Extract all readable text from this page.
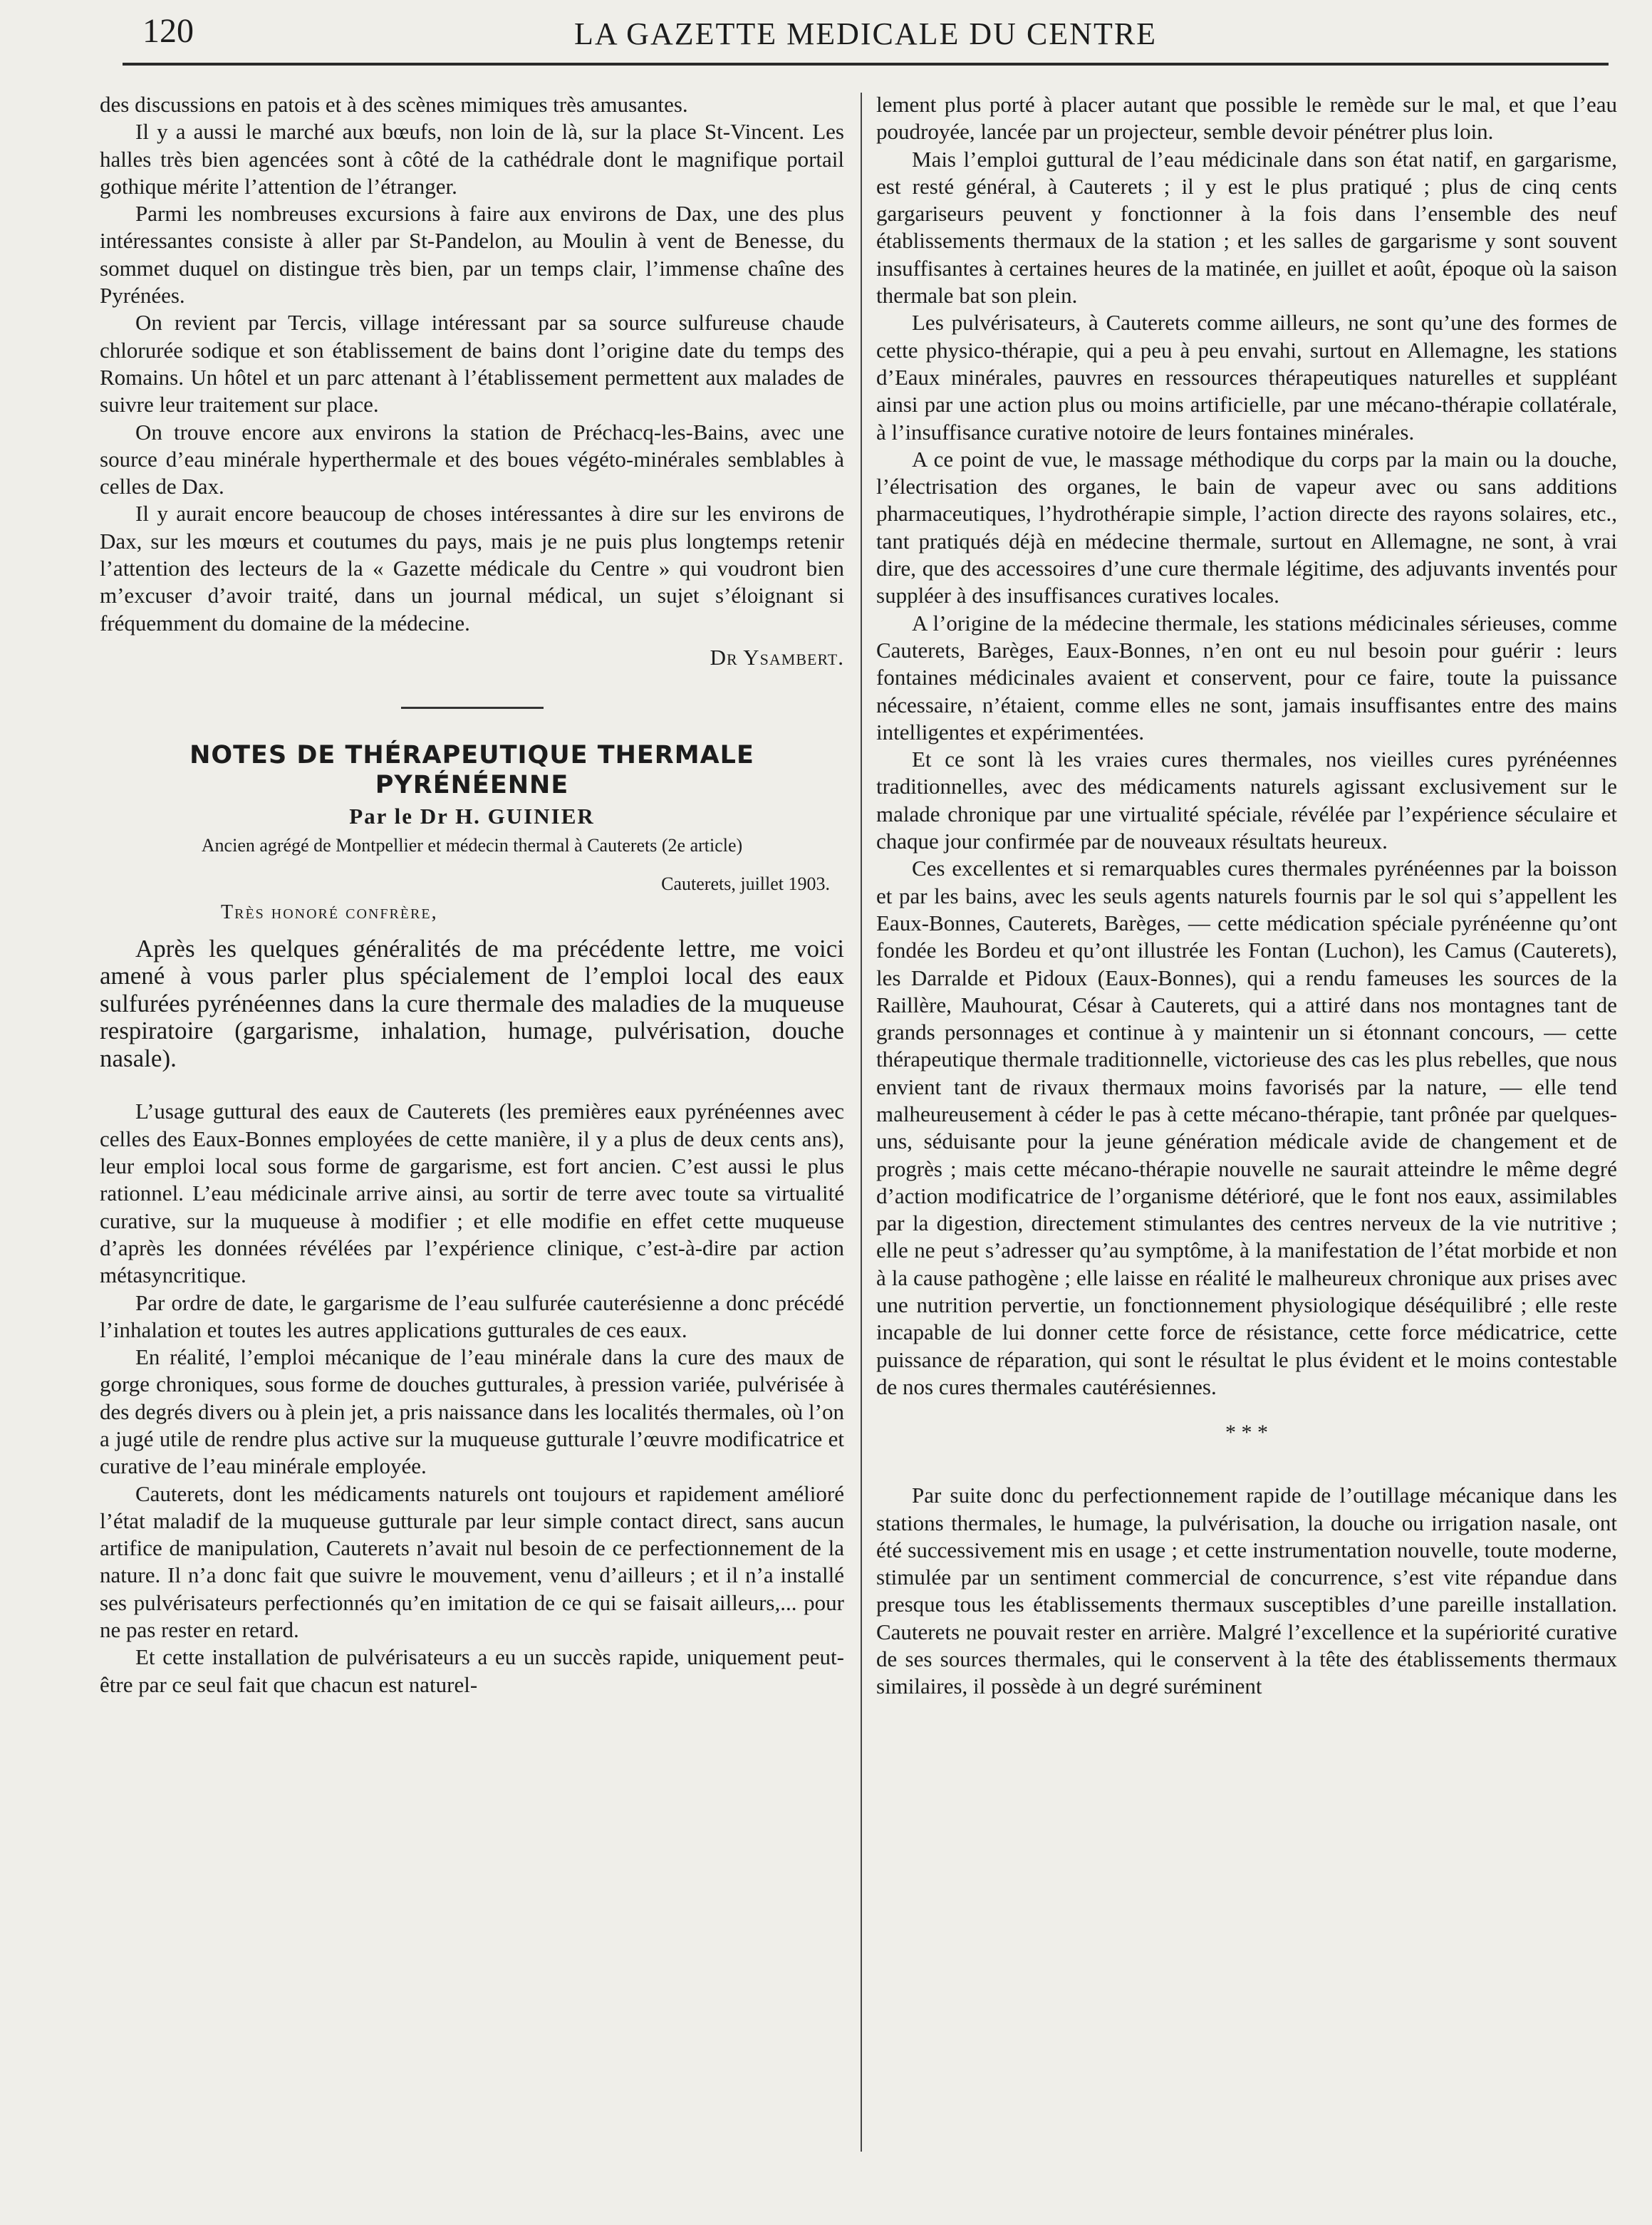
120	LA GAZETTE MEDICALE DU CENTRE

des discussions en patois et à des scènes mimiques très amusantes.

Il y a aussi le marché aux bœufs, non loin de là, sur la place St-Vincent. Les halles très bien agencées sont à côté de la cathédrale dont le magnifique portail gothique mérite l’attention de l’étranger.

Parmi les nombreuses excursions à faire aux environs de Dax, une des plus intéressantes consiste à aller par St-Pandelon, au Moulin à vent de Benesse, du sommet duquel on distingue très bien, par un temps clair, l’immense chaîne des Pyrénées.

On revient par Tercis, village intéressant par sa source sulfureuse chaude chlorurée sodique et son établissement de bains dont l’origine date du temps des Romains. Un hôtel et un parc attenant à l’établissement permettent aux malades de suivre leur traitement sur place.

On trouve encore aux environs la station de Préchacq-les-Bains, avec une source d’eau minérale hyperthermale et des boues végéto-minérales semblables à celles de Dax.

Il y aurait encore beaucoup de choses intéressantes à dire sur les environs de Dax, sur les mœurs et coutumes du pays, mais je ne puis plus longtemps retenir l’attention des lecteurs de la « Gazette médicale du Centre » qui voudront bien m’excuser d’avoir traité, dans un journal médical, un sujet s’éloignant si fréquemment du domaine de la médecine.

Dr Ysambert.

NOTES DE THÉRAPEUTIQUE THERMALE
PYRÉNÉENNE
Par le Dr H. GUINIER
Ancien agrégé de Montpellier et médecin thermal à Cauterets (2e article)
Cauterets, juillet 1903.
Très honoré confrère,

Après les quelques généralités de ma précédente lettre, me voici amené à vous parler plus spécialement de l’emploi local des eaux sulfurées pyrénéennes dans la cure thermale des maladies de la muqueuse respiratoire (gargarisme, inhalation, humage, pulvérisation, douche nasale).

L’usage guttural des eaux de Cauterets (les premières eaux pyrénéennes avec celles des Eaux-Bonnes employées de cette manière, il y a plus de deux cents ans), leur emploi local sous forme de gargarisme, est fort ancien. C’est aussi le plus rationnel. L’eau médicinale arrive ainsi, au sortir de terre avec toute sa virtualité curative, sur la muqueuse à modifier ; et elle modifie en effet cette muqueuse d’après les données révélées par l’expérience clinique, c’est-à-dire par action métasyncritique.

Par ordre de date, le gargarisme de l’eau sulfurée cauterésienne a donc précédé l’inhalation et toutes les autres applications gutturales de ces eaux.

En réalité, l’emploi mécanique de l’eau minérale dans la cure des maux de gorge chroniques, sous forme de douches gutturales, à pression variée, pulvérisée à des degrés divers ou à plein jet, a pris naissance dans les localités thermales, où l’on a jugé utile de rendre plus active sur la muqueuse gutturale l’œuvre modificatrice et curative de l’eau minérale employée.

Cauterets, dont les médicaments naturels ont toujours et rapidement amélioré l’état maladif de la muqueuse gutturale par leur simple contact direct, sans aucun artifice de manipulation, Cauterets n’avait nul besoin de ce perfectionnement de la nature. Il n’a donc fait que suivre le mouvement, venu d’ailleurs ; et il n’a installé ses pulvérisateurs perfectionnés qu’en imitation de ce qui se faisait ailleurs,... pour ne pas rester en retard.

Et cette installation de pulvérisateurs a eu un succès rapide, uniquement peut-être par ce seul fait que chacun est naturel-

lement plus porté à placer autant que possible le remède sur le mal, et que l’eau poudroyée, lancée par un projecteur, semble devoir pénétrer plus loin.

Mais l’emploi guttural de l’eau médicinale dans son état natif, en gargarisme, est resté général, à Cauterets ; il y est le plus pratiqué ; plus de cinq cents gargariseurs peuvent y fonctionner à la fois dans l’ensemble des neuf établissements thermaux de la station ; et les salles de gargarisme y sont souvent insuffisantes à certaines heures de la matinée, en juillet et août, époque où la saison thermale bat son plein.

Les pulvérisateurs, à Cauterets comme ailleurs, ne sont qu’une des formes de cette physico-thérapie, qui a peu à peu envahi, surtout en Allemagne, les stations d’Eaux minérales, pauvres en ressources thérapeutiques naturelles et suppléant ainsi par une action plus ou moins artificielle, par une mécano-thérapie collatérale, à l’insuffisance curative notoire de leurs fontaines minérales.

A ce point de vue, le massage méthodique du corps par la main ou la douche, l’électrisation des organes, le bain de vapeur avec ou sans additions pharmaceutiques, l’hydrothérapie simple, l’action directe des rayons solaires, etc., tant pratiqués déjà en médecine thermale, surtout en Allemagne, ne sont, à vrai dire, que des accessoires d’une cure thermale légitime, des adjuvants inventés pour suppléer à des insuffisances curatives locales.

A l’origine de la médecine thermale, les stations médicinales sérieuses, comme Cauterets, Barèges, Eaux-Bonnes, n’en ont eu nul besoin pour guérir : leurs fontaines médicinales avaient et conservent, pour ce faire, toute la puissance nécessaire, n’étaient, comme elles ne sont, jamais insuffisantes entre des mains intelligentes et expérimentées.

Et ce sont là les vraies cures thermales, nos vieilles cures pyrénéennes traditionnelles, avec des médicaments naturels agissant exclusivement sur le malade chronique par une virtualité spéciale, révélée par l’expérience séculaire et chaque jour confirmée par de nouveaux résultats heureux.

Ces excellentes et si remarquables cures thermales pyrénéennes par la boisson et par les bains, avec les seuls agents naturels fournis par le sol qui s’appellent les Eaux-Bonnes, Cauterets, Barèges, — cette médication spéciale pyrénéenne qu’ont fondée les Bordeu et qu’ont illustrée les Fontan (Luchon), les Camus (Cauterets), les Darralde et Pidoux (Eaux-Bonnes), qui a rendu fameuses les sources de la Raillère, Mauhourat, César à Cauterets, qui a attiré dans nos montagnes tant de grands personnages et continue à y maintenir un si étonnant concours, — cette thérapeutique thermale traditionnelle, victorieuse des cas les plus rebelles, que nous envient tant de rivaux thermaux moins favorisés par la nature, — elle tend malheureusement à céder le pas à cette mécano-thérapie, tant prônée par quelques-uns, séduisante pour la jeune génération médicale avide de changement et de progrès ; mais cette mécano-thérapie nouvelle ne saurait atteindre le même degré d’action modificatrice de l’organisme détérioré, que le font nos eaux, assimilables par la digestion, directement stimulantes des centres nerveux de la vie nutritive ; elle ne peut s’adresser qu’au symptôme, à la manifestation de l’état morbide et non à la cause pathogène ; elle laisse en réalité le malheureux chronique aux prises avec une nutrition pervertie, un fonctionnement physiologique déséquilibré ; elle reste incapable de lui donner cette force de résistance, cette force médicatrice, cette puissance de réparation, qui sont le résultat le plus évident et le moins contestable de nos cures thermales cautérésiennes.

* * *

Par suite donc du perfectionnement rapide de l’outillage mécanique dans les stations thermales, le humage, la pulvérisation, la douche ou irrigation nasale, ont été successivement mis en usage ; et cette instrumentation nouvelle, toute moderne, stimulée par un sentiment commercial de concurrence, s’est vite répandue dans presque tous les établissements thermaux susceptibles d’une pareille installation. Cauterets ne pouvait rester en arrière. Malgré l’excellence et la supériorité curative de ses sources thermales, qui le conservent à la tête des établissements thermaux similaires, il possède à un degré suréminent
